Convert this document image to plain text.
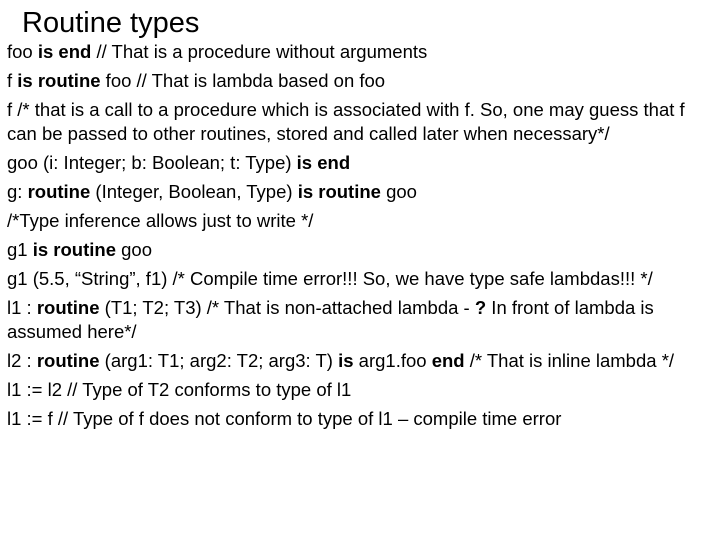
Routine types
foo is end // That is a procedure without arguments
f is routine foo // That is lambda based on foo
f /* that is a call to a procedure which is associated with f. So, one may guess that f can be passed to other routines, stored and called later when necessary*/
goo (i: Integer; b: Boolean; t: Type) is end
g: routine (Integer, Boolean, Type) is routine goo
/*Type inference allows just to write */
g1 is routine goo
g1 (5.5, “String”, f1) /* Compile time error!!! So, we have type safe lambdas!!! */
l1 : routine (T1; T2; T3) /* That is non-attached lambda - ? In front of lambda is assumed here*/
l2 : routine (arg1: T1; arg2: T2; arg3: T) is arg1.foo end /* That is inline lambda */
l1 := l2 // Type of T2 conforms to type of l1
l1 := f // Type of f does not conform to type of l1 – compile time error
